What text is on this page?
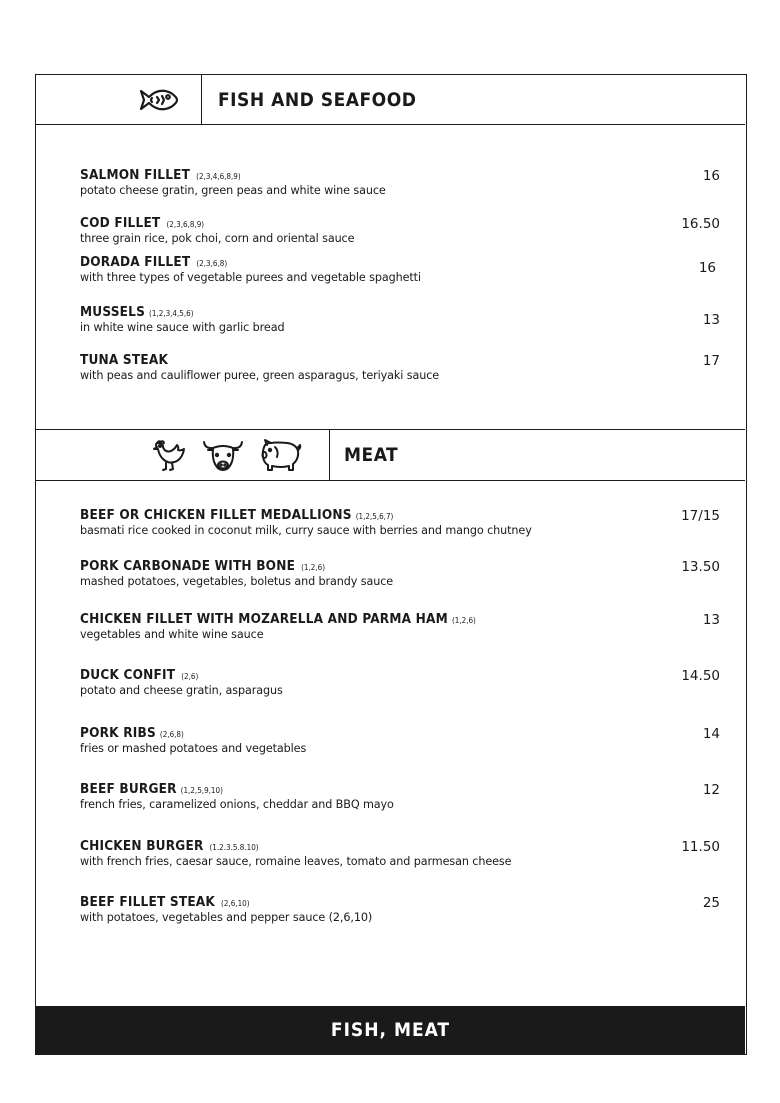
FISH AND SEAFOOD
SALMON FILLET (2,3,4,6,8,9)
potato cheese gratin, green peas and white wine sauce
16
COD FILLET (2,3,6,8,9)
three grain rice, pok choi, corn and oriental sauce
16.50
DORADA FILLET (2,3,6,8)
with three types of vegetable purees and vegetable spaghetti
16
MUSSELS (1,2,3,4,5,6)
in white wine sauce with garlic bread	13
TUNA STEAK
with peas and cauliflower puree, green asparagus, teriyaki sauce
17
MEAT
BEEF OR CHICKEN FILLET MEDALLIONS (1,2,5,6,7)
basmati rice cooked in coconut milk, curry sauce with berries and mango chutney
17/15
PORK CARBONADE WITH BONE (1,2,6)
mashed potatoes, vegetables, boletus and brandy sauce
13.50
CHICKEN FILLET WITH MOZARELLA AND PARMA HAM (1,2,6)
vegetables and white wine sauce
13
DUCK CONFIT (2,6)
potato and cheese gratin, asparagus
14.50
PORK RIBS (2,6,8)
fries or mashed potatoes and vegetables
14
BEEF BURGER (1,2,5,9,10)
french fries, caramelized onions, cheddar and BBQ mayo
12
CHICKEN BURGER (1.2.3.5.8.10)
with french fries, caesar sauce, romaine leaves, tomato and parmesan cheese
11.50
BEEF FILLET STEAK (2,6,10)
with potatoes, vegetables and pepper sauce (2,6,10)
25
FISH, MEAT
